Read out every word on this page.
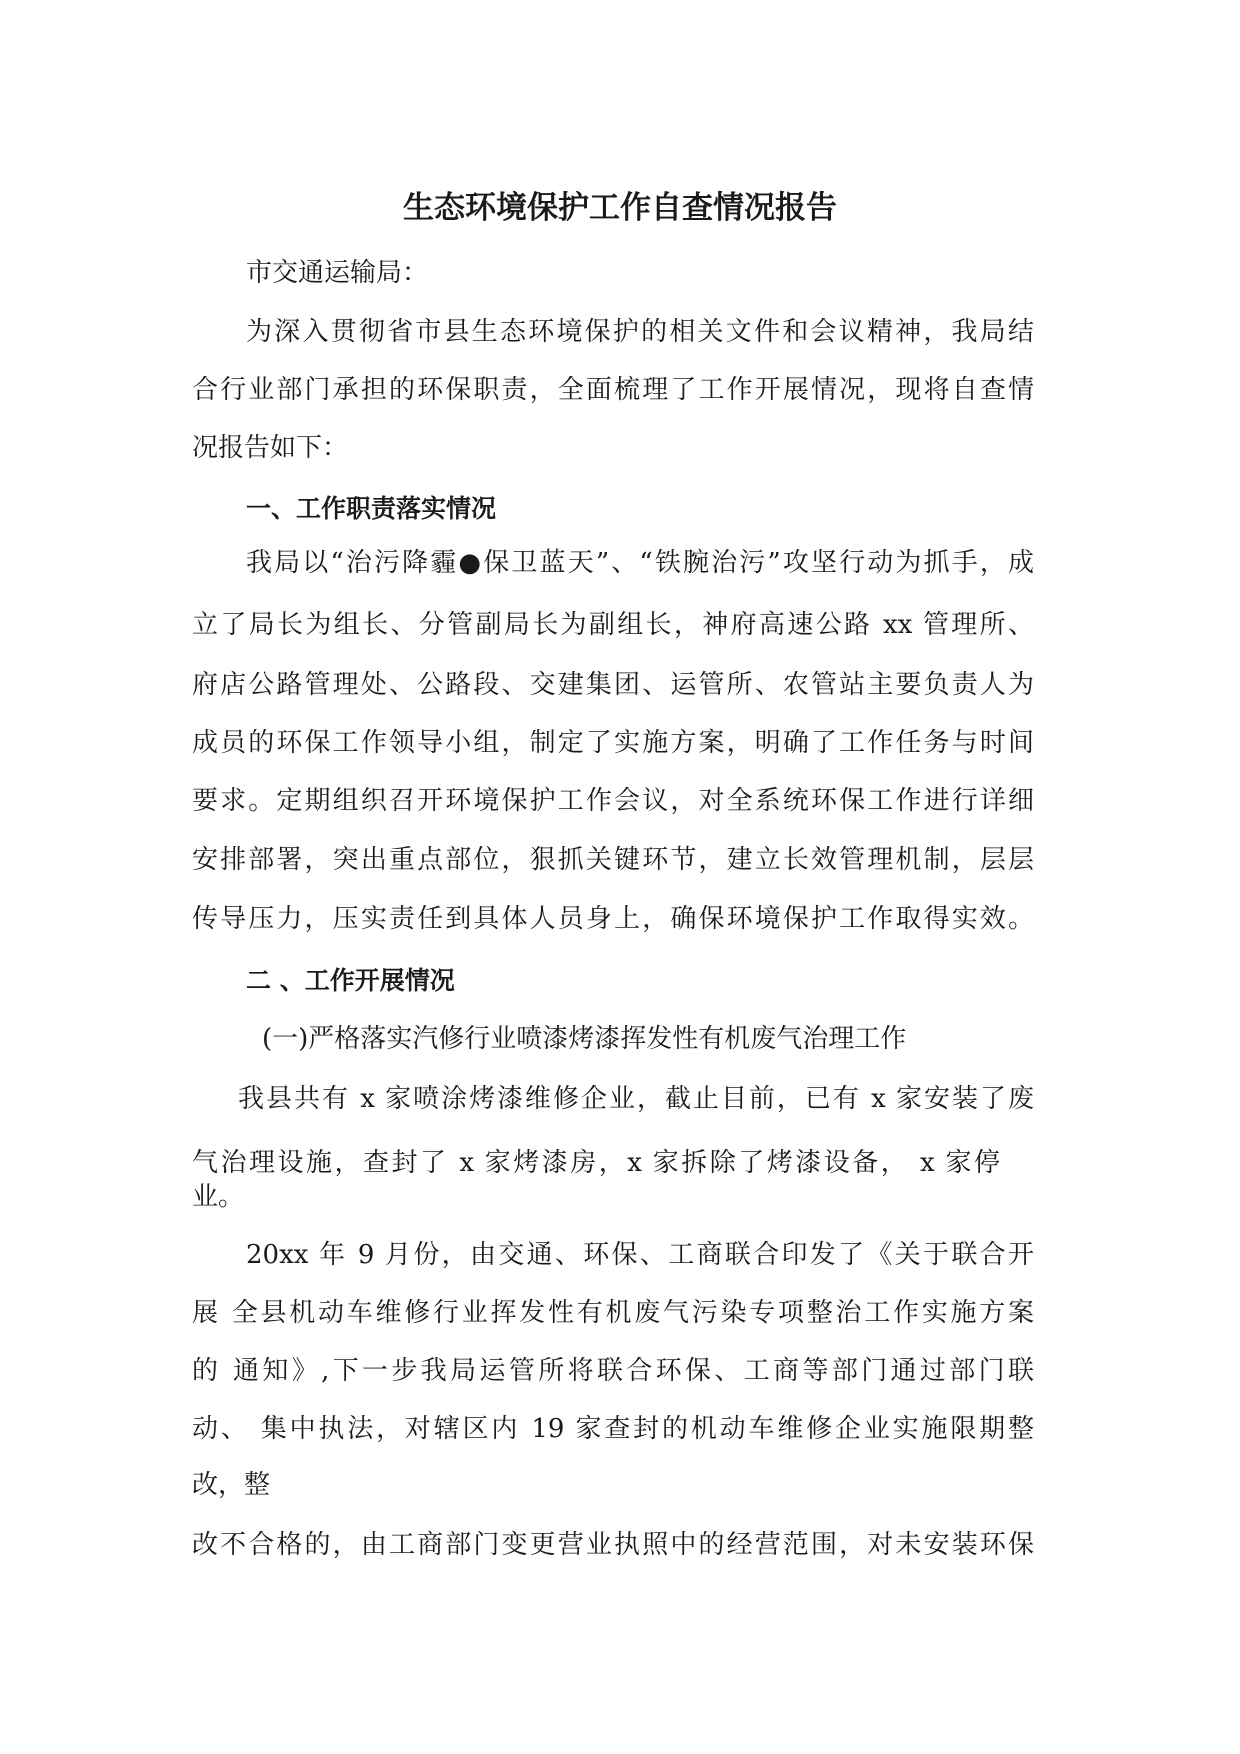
生态环境保护工作自查情况报告
市交通运输局：
为深入贯彻省市县生态环境保护的相关文件和会议精神，我局结
合行业部门承担的环保职责，全面梳理了工作开展情况，现将自查情
况报告如下：
一、工作职责落实情况
我局以“治污降霾●保卫蓝天”、“铁腕治污”攻坚行动为抓手，成
立了局长为组长、分管副局长为副组长，神府高速公路 xx 管理所、
府店公路管理处、公路段、交建集团、运管所、农管站主要负责人为
成员的环保工作领导小组，制定了实施方案，明确了工作任务与时间
要求。定期组织召开环境保护工作会议，对全系统环保工作进行详细
安排部署，突出重点部位，狠抓关键环节，建立长效管理机制，层层
传导压力，压实责任到具体人员身上，确保环境保护工作取得实效。
二 、工作开展情况
(一)严格落实汽修行业喷漆烤漆挥发性有机废气治理工作
我县共有 x 家喷涂烤漆维修企业，截止目前，已有 x 家安装了废
气治理设施，查封了 x 家烤漆房，x 家拆除了烤漆设备， x 家停
业。
20xx 年 9 月份，由交通、环保、工商联合印发了《关于联合开
展 全县机动车维修行业挥发性有机废气污染专项整治工作实施方案
的 通知》,下一步我局运管所将联合环保、工商等部门通过部门联
动、 集中执法，对辖区内 19 家查封的机动车维修企业实施限期整
改，整
改不合格的，由工商部门变更营业执照中的经营范围，对未安装环保
